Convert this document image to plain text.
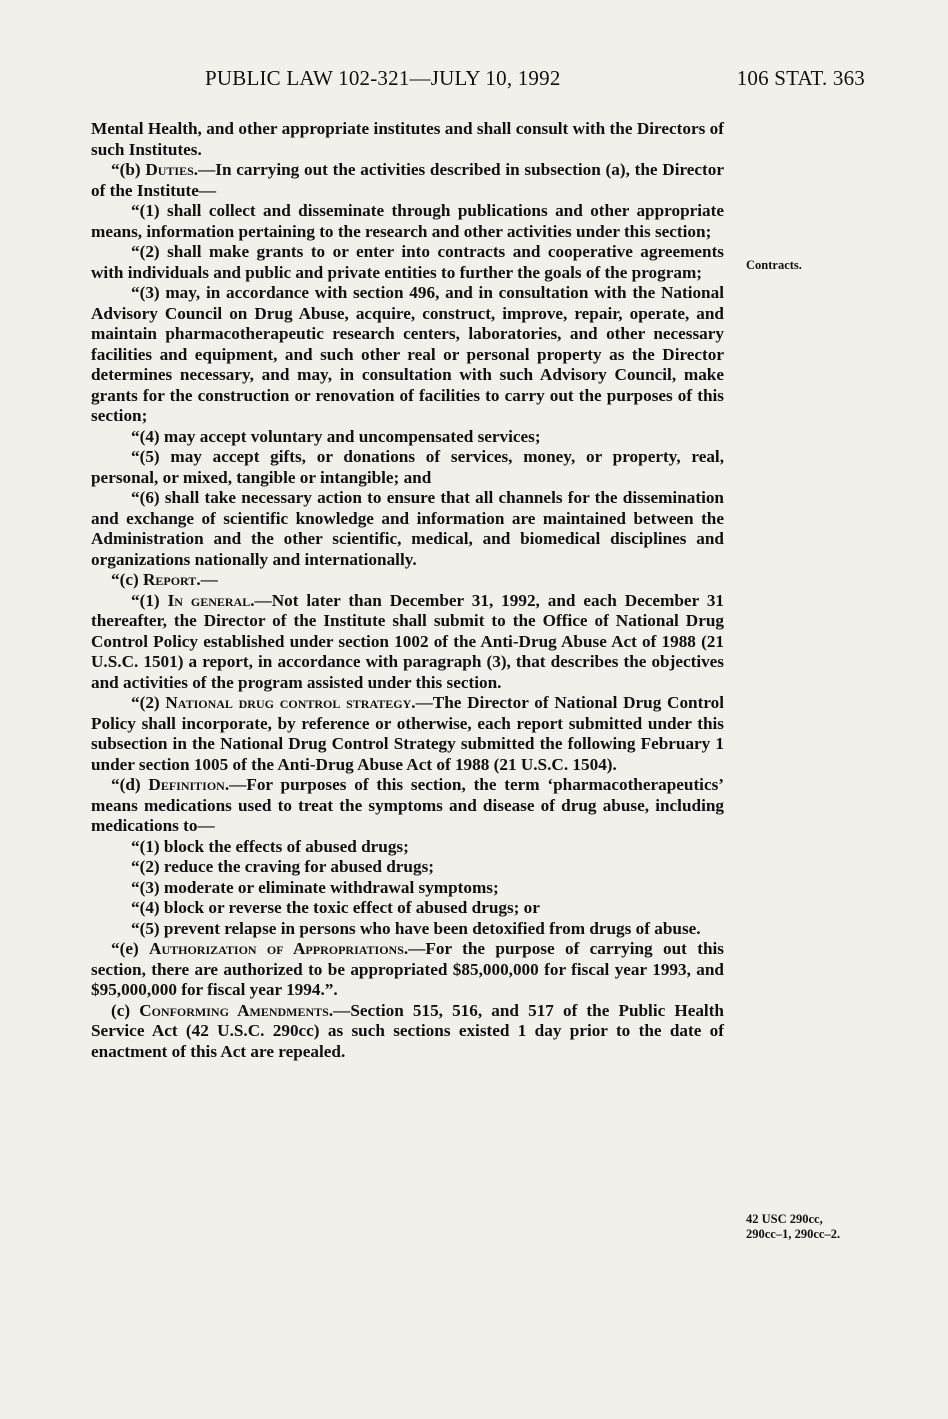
PUBLIC LAW 102-321—JULY 10, 1992	106 STAT. 363

Mental Health, and other appropriate institutes and shall consult with the Directors of such Institutes.

“(b) Duties.—In carrying out the activities described in subsection (a), the Director of the Institute—

“(1) shall collect and disseminate through publications and other appropriate means, information pertaining to the research and other activities under this section;

“(2) shall make grants to or enter into contracts and cooperative agreements with individuals and public and private entities to further the goals of the program;

“(3) may, in accordance with section 496, and in consultation with the National Advisory Council on Drug Abuse, acquire, construct, improve, repair, operate, and maintain pharmacotherapeutic research centers, laboratories, and other necessary facilities and equipment, and such other real or personal property as the Director determines necessary, and may, in consultation with such Advisory Council, make grants for the construction or renovation of facilities to carry out the purposes of this section;

“(4) may accept voluntary and uncompensated services;

“(5) may accept gifts, or donations of services, money, or property, real, personal, or mixed, tangible or intangible; and

“(6) shall take necessary action to ensure that all channels for the dissemination and exchange of scientific knowledge and information are maintained between the Administration and the other scientific, medical, and biomedical disciplines and organizations nationally and internationally.

“(c) Report.—

“(1) In general.—Not later than December 31, 1992, and each December 31 thereafter, the Director of the Institute shall submit to the Office of National Drug Control Policy established under section 1002 of the Anti-Drug Abuse Act of 1988 (21 U.S.C. 1501) a report, in accordance with paragraph (3), that describes the objectives and activities of the program assisted under this section.

“(2) National drug control strategy.—The Director of National Drug Control Policy shall incorporate, by reference or otherwise, each report submitted under this subsection in the National Drug Control Strategy submitted the following February 1 under section 1005 of the Anti-Drug Abuse Act of 1988 (21 U.S.C. 1504).

“(d) Definition.—For purposes of this section, the term ‘pharmacotherapeutics’ means medications used to treat the symptoms and disease of drug abuse, including medications to—

“(1) block the effects of abused drugs;

“(2) reduce the craving for abused drugs;

“(3) moderate or eliminate withdrawal symptoms;

“(4) block or reverse the toxic effect of abused drugs; or

“(5) prevent relapse in persons who have been detoxified from drugs of abuse.

“(e) Authorization of Appropriations.—For the purpose of carrying out this section, there are authorized to be appropriated $85,000,000 for fiscal year 1993, and $95,000,000 for fiscal year 1994.”.

(c) Conforming Amendments.—Section 515, 516, and 517 of the Public Health Service Act (42 U.S.C. 290cc) as such sections existed 1 day prior to the date of enactment of this Act are repealed.

Contracts.
42 USC 290cc,
290cc–1, 290cc–2.
